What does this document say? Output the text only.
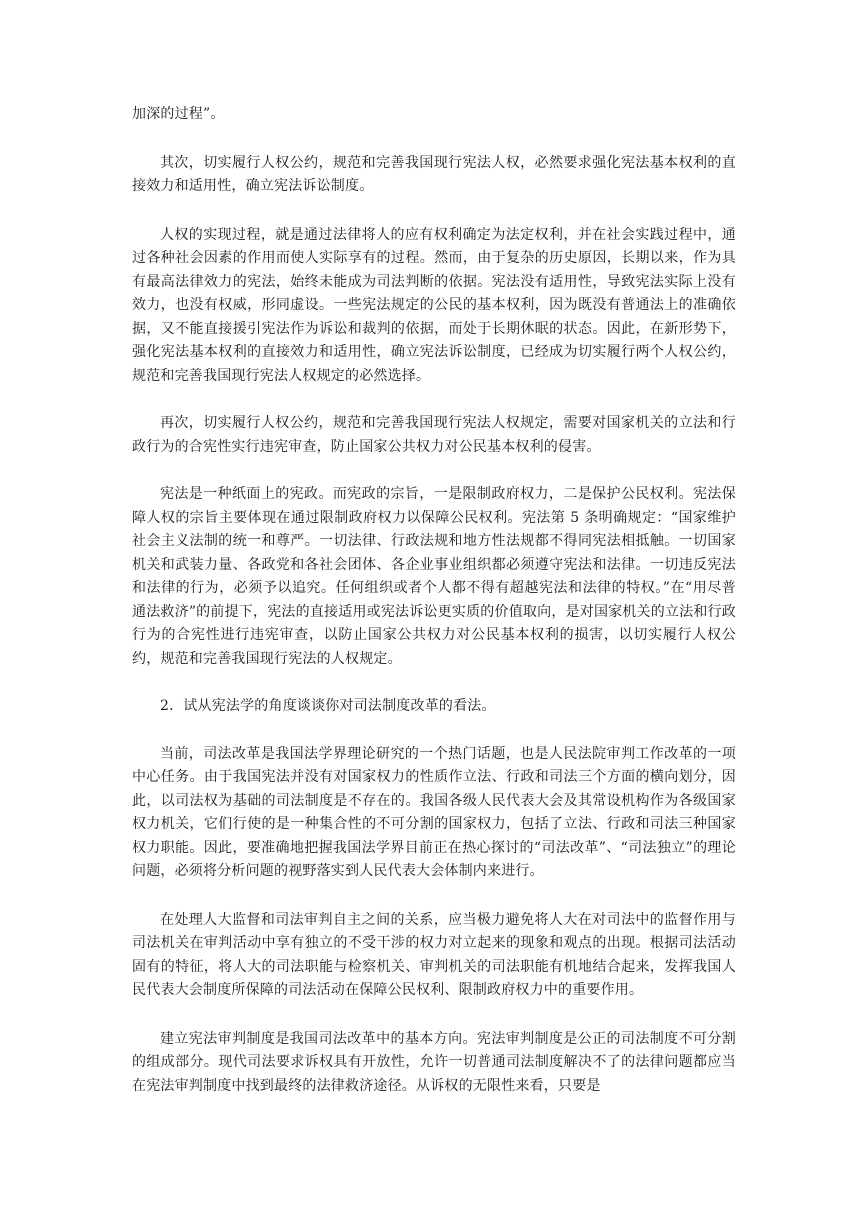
加深的过程”。

其次，切实履行人权公约，规范和完善我国现行宪法人权，必然要求强化宪法基本权利的直接效力和适用性，确立宪法诉讼制度。

人权的实现过程，就是通过法律将人的应有权利确定为法定权利，并在社会实践过程中，通过各种社会因素的作用而使人实际享有的过程。然而，由于复杂的历史原因，长期以来，作为具有最高法律效力的宪法，始终未能成为司法判断的依据。宪法没有适用性，导致宪法实际上没有效力，也没有权威，形同虚设。一些宪法规定的公民的基本权利，因为既没有普通法上的准确依据，又不能直接援引宪法作为诉讼和裁判的依据，而处于长期休眠的状态。因此，在新形势下，强化宪法基本权利的直接效力和适用性，确立宪法诉讼制度，已经成为切实履行两个人权公约，规范和完善我国现行宪法人权规定的必然选择。

再次，切实履行人权公约，规范和完善我国现行宪法人权规定，需要对国家机关的立法和行政行为的合宪性实行违宪审查，防止国家公共权力对公民基本权利的侵害。

宪法是一种纸面上的宪政。而宪政的宗旨，一是限制政府权力，二是保护公民权利。宪法保障人权的宗旨主要体现在通过限制政府权力以保障公民权利。宪法第 5 条明确规定：“国家维护社会主义法制的统一和尊严。一切法律、行政法规和地方性法规都不得同宪法相抵触。一切国家机关和武装力量、各政党和各社会团体、各企业事业组织都必须遵守宪法和法律。一切违反宪法和法律的行为，必须予以追究。任何组织或者个人都不得有超越宪法和法律的特权。”在“用尽普通法救济”的前提下，宪法的直接适用或宪法诉讼更实质的价值取向，是对国家机关的立法和行政行为的合宪性进行违宪审查，以防止国家公共权力对公民基本权利的损害，以切实履行人权公约，规范和完善我国现行宪法的人权规定。

2．试从宪法学的角度谈谈你对司法制度改革的看法。

当前，司法改革是我国法学界理论研究的一个热门话题，也是人民法院审判工作改革的一项中心任务。由于我国宪法并没有对国家权力的性质作立法、行政和司法三个方面的横向划分，因此，以司法权为基础的司法制度是不存在的。我国各级人民代表大会及其常设机构作为各级国家权力机关，它们行使的是一种集合性的不可分割的国家权力，包括了立法、行政和司法三种国家权力职能。因此，要准确地把握我国法学界目前正在热心探讨的“司法改革”、“司法独立”的理论问题，必须将分析问题的视野落实到人民代表大会体制内来进行。

在处理人大监督和司法审判自主之间的关系，应当极力避免将人大在对司法中的监督作用与司法机关在审判活动中享有独立的不受干涉的权力对立起来的现象和观点的出现。根据司法活动固有的特征，将人大的司法职能与检察机关、审判机关的司法职能有机地结合起来，发挥我国人民代表大会制度所保障的司法活动在保障公民权利、限制政府权力中的重要作用。

建立宪法审判制度是我国司法改革中的基本方向。宪法审判制度是公正的司法制度不可分割的组成部分。现代司法要求诉权具有开放性，允许一切普通司法制度解决不了的法律问题都应当在宪法审判制度中找到最终的法律救济途径。从诉权的无限性来看，只要是
